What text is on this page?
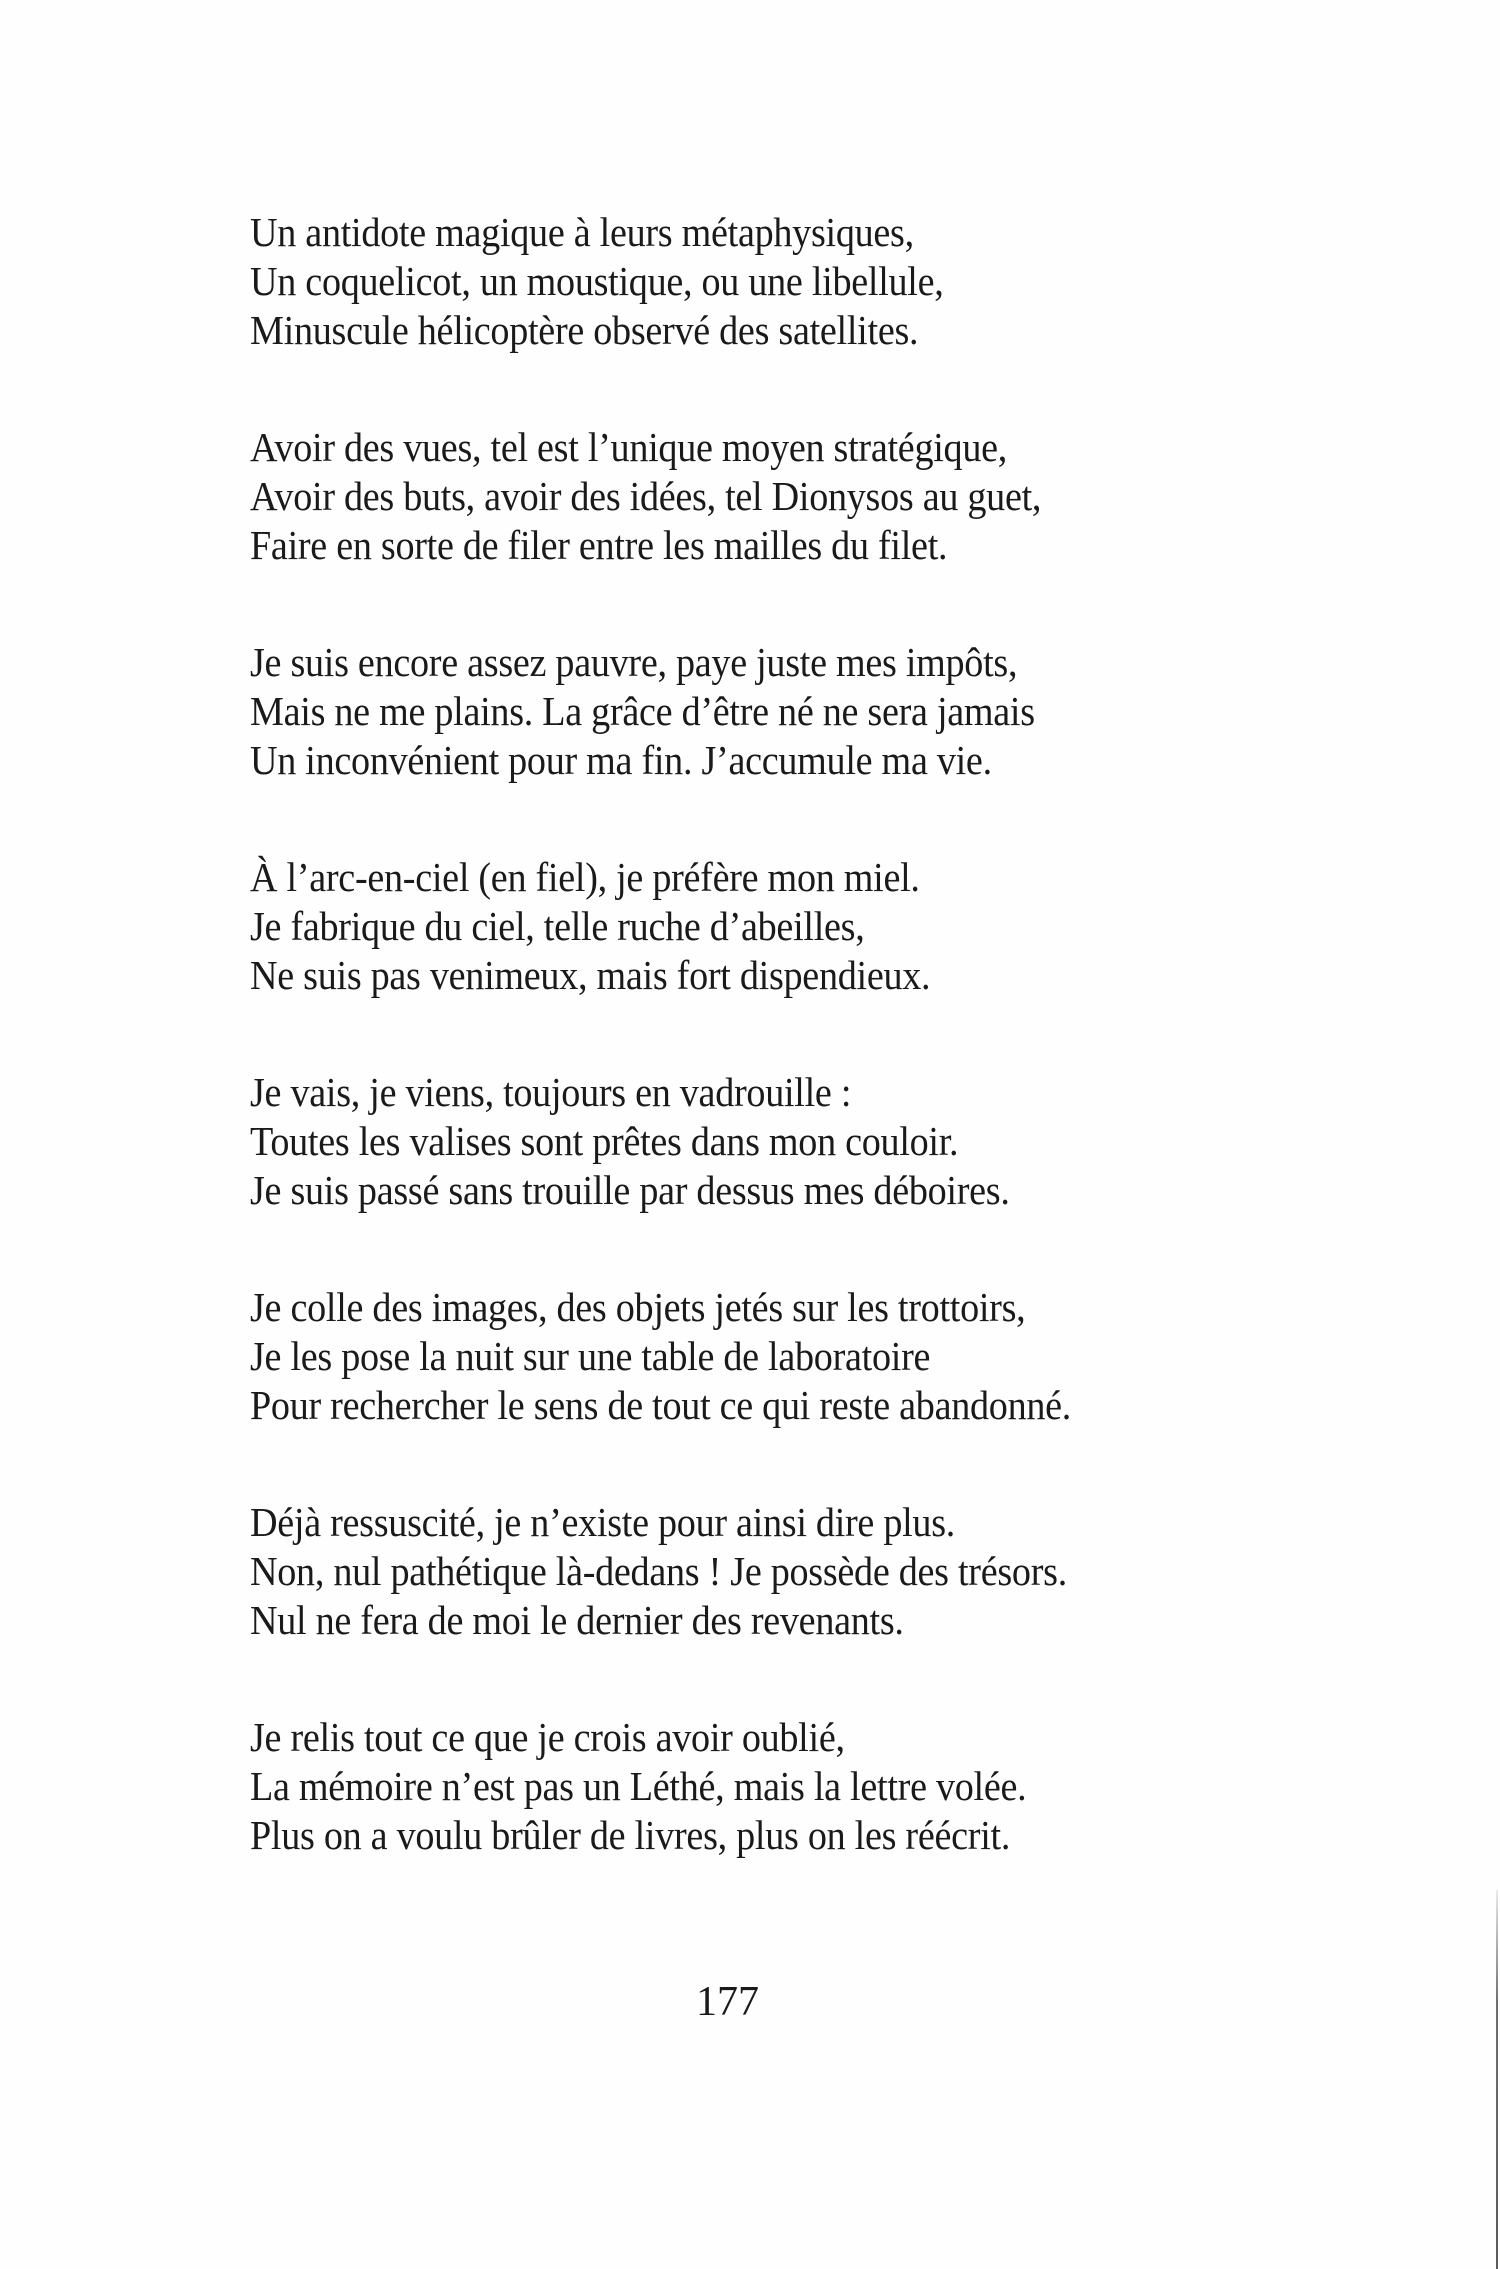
Un antidote magique à leurs métaphysiques,
Un coquelicot, un moustique, ou une libellule,
Minuscule hélicoptère observé des satellites.

Avoir des vues, tel est l’unique moyen stratégique,
Avoir des buts, avoir des idées, tel Dionysos au guet,
Faire en sorte de filer entre les mailles du filet.

Je suis encore assez pauvre, paye juste mes impôts,
Mais ne me plains. La grâce d’être né ne sera jamais
Un inconvénient pour ma fin. J’accumule ma vie.

À l’arc-en-ciel (en fiel), je préfère mon miel.
Je fabrique du ciel, telle ruche d’abeilles,
Ne suis pas venimeux, mais fort dispendieux.

Je vais, je viens, toujours en vadrouille :
Toutes les valises sont prêtes dans mon couloir.
Je suis passé sans trouille par dessus mes déboires.

Je colle des images, des objets jetés sur les trottoirs,
Je les pose la nuit sur une table de laboratoire
Pour rechercher le sens de tout ce qui reste abandonné.

Déjà ressuscité, je n’existe pour ainsi dire plus.
Non, nul pathétique là-dedans ! Je possède des trésors.
Nul ne fera de moi le dernier des revenants.

Je relis tout ce que je crois avoir oublié,
La mémoire n’est pas un Léthé, mais la lettre volée.
Plus on a voulu brûler de livres, plus on les réécrit.

177
